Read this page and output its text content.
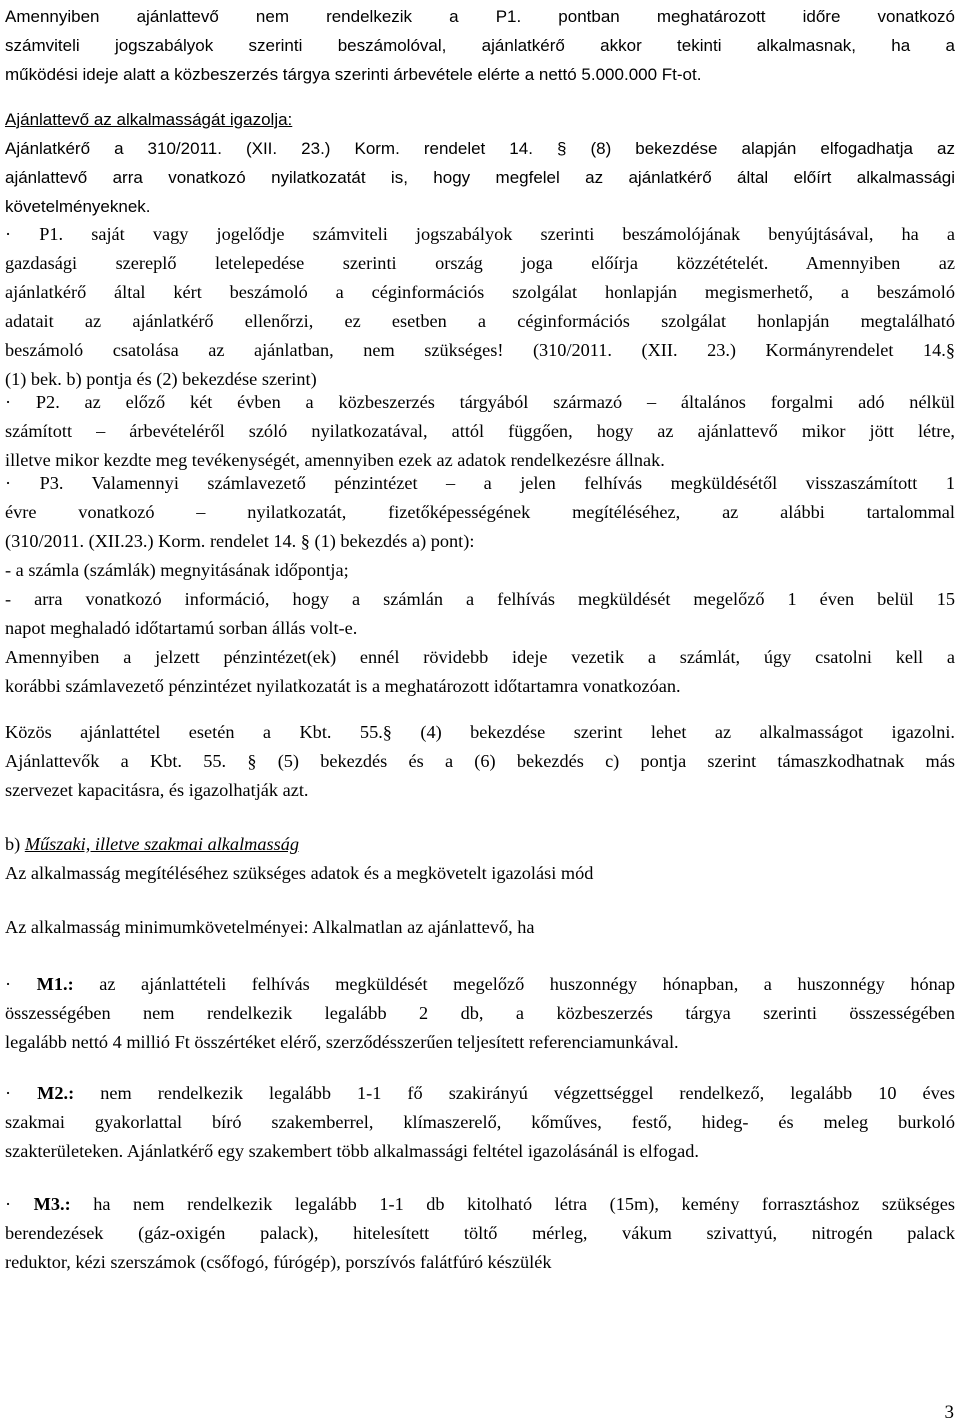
Amennyiben ajánlattevő nem rendelkezik a P1. pontban meghatározott időre vonatkozó
számviteli jogszabályok szerinti beszámolóval, ajánlatkérő akkor tekinti alkalmasnak, ha a
működési ideje alatt a közbeszerzés tárgya szerinti árbevétele elérte a nettó 5.000.000 Ft-ot.
Ajánlattevő az alkalmasságát igazolja:
Ajánlatkérő a 310/2011. (XII. 23.) Korm. rendelet 14. § (8) bekezdése alapján elfogadhatja az
ajánlattevő arra vonatkozó nyilatkozatát is, hogy megfelel az ajánlatkérő által előírt alkalmassági
követelményeknek.
· P1. saját vagy jogelődje számviteli jogszabályok szerinti beszámolójának benyújtásával, ha a
gazdasági szereplő letelepedése szerinti ország joga előírja közzétételét. Amennyiben az
ajánlatkérő által kért beszámoló a céginformációs szolgálat honlapján megismerhető, a beszámoló
adatait az ajánlatkérő ellenőrzi, ez esetben a céginformációs szolgálat honlapján megtalálható
beszámoló csatolása az ajánlatban, nem szükséges! (310/2011. (XII. 23.) Kormányrendelet 14.§
(1) bek. b) pontja és (2) bekezdése szerint)
· P2. az előző két évben a közbeszerzés tárgyából származó – általános forgalmi adó nélkül
számított – árbevételéről szóló nyilatkozatával, attól függően, hogy az ajánlattevő mikor jött létre,
illetve mikor kezdte meg tevékenységét, amennyiben ezek az adatok rendelkezésre állnak.
· P3. Valamennyi számlavezető pénzintézet – a jelen felhívás megküldésétől visszaszámított 1
évre vonatkozó – nyilatkozatát, fizetőképességének megítéléséhez, az alábbi tartalommal
(310/2011. (XII.23.) Korm. rendelet 14. § (1) bekezdés a) pont):
- a számla (számlák) megnyitásának időpontja;
- arra vonatkozó információ, hogy a számlán a felhívás megküldését megelőző 1 éven belül 15
napot meghaladó időtartamú sorban állás volt-e.
Amennyiben a jelzett pénzintézet(ek) ennél rövidebb ideje vezetik a számlát, úgy csatolni kell a
korábbi számlavezető pénzintézet nyilatkozatát is a meghatározott időtartamra vonatkozóan.
Közös ajánlattétel esetén a Kbt. 55.§ (4) bekezdése szerint lehet az alkalmasságot igazolni.
Ajánlattevők a Kbt. 55. § (5) bekezdés és a (6) bekezdés c) pontja szerint támaszkodhatnak más
szervezet kapacitásra, és igazolhatják azt.
b) Műszaki, illetve szakmai alkalmasság
Az alkalmasság megítéléséhez szükséges adatok és a megkövetelt igazolási mód
Az alkalmasság minimumkövetelményei: Alkalmatlan az ajánlattevő, ha
· M1.: az ajánlattételi felhívás megküldését megelőző huszonnégy hónapban, a huszonnégy hónap
összességében nem rendelkezik legalább 2 db, a közbeszerzés tárgya szerinti összességében
legalább nettó 4 millió Ft összértéket elérő, szerződésszerűen teljesített referenciamunkával.
· M2.: nem rendelkezik legalább 1-1 fő szakirányú végzettséggel rendelkező, legalább 10 éves
szakmai gyakorlattal bíró szakemberrel, klímaszerelő, kőműves, festő, hideg- és meleg burkoló
szakterületeken. Ajánlatkérő egy szakembert több alkalmassági feltétel igazolásánál is elfogad.
· M3.: ha nem rendelkezik legalább 1-1 db kitolható létra (15m), kemény forrasztáshoz szükséges
berendezések (gáz-oxigén palack), hitelesített töltő mérleg, vákum szivattyú, nitrogén palack
reduktor, kézi szerszámok (csőfogó, fúrógép), porszívós falátfúró készülék
3
